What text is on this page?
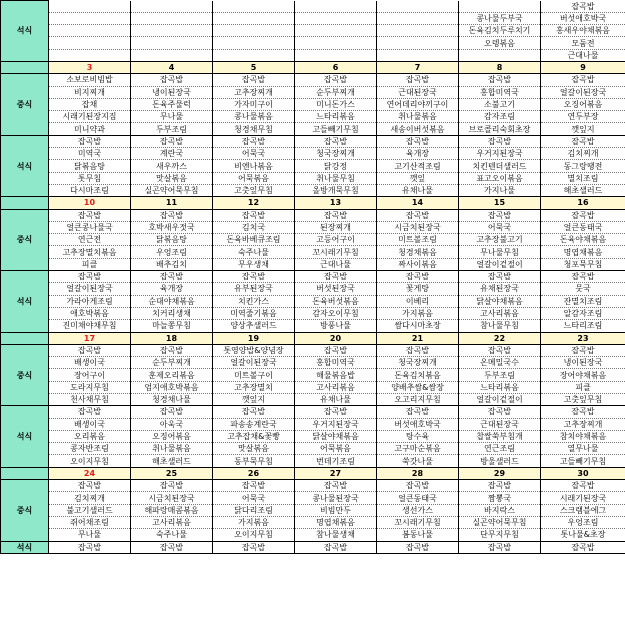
석식							잡곡밥
						콩나물두부국	버섯애호박국
						돈육김치두루치기	홍새우야채볶음
						오뎅볶음	모둠전
							근대나물
	3	4	5	6	7	8	9
중식	소보로비빔밥	잡곡밥	잡곡밥	잡곡밥	잡곡밥	잡곡밥	잡곡밥
	비지찌개	냉이된장국	고추장찌개	순두부찌개	근대된장국	홍합미역국	얼갈이된장국
	잡채	돈육주물럭	가자미구이	미니돈가스	연어데리야끼구이	소불고기	오징어볶음
	시래기된장지짐	무나물	콩나물볶음	느타리볶음	취나물볶음	감자조림	연두부장
	미니약과	두부조림	청경채무침	고들빼기무침	새송이버섯볶음	브로콜리숙회초장	깻잎지
석식	잡곡밥	잡곡밥	잡곡밥	잡곡밥	잡곡밥	잡곡밥	잡곡밥
	미역국	계란국	어묵국	청국장찌개	육개장	우거지된장국	김치찌개
	닭볶음탕	새우까스	비엔나볶음	닭강정	고기산적조림	치킨텐더샐러드	동그랑땡전
	톳무침	맛살볶음	어묵볶음	취나물무침	깻잎	표고오이볶음	멸치조림
	다시마조림	실곤약어묵무침	고춧잎무침	올방개묵무침	유채나물	가지나물	해초샐러드
	10	11	12	13	14	15	16
중식	잡곡밥	잡곡밥	잡곡밥	잡곡밥	잡곡밥	잡곡밥	잡곡밥
	얼큰콩나물국	호박새우젓국	김치국	된장찌개	시금치된장국	어묵국	얼큰동태국
	연근전	닭볶음탕	돈육바베큐조림	고등어구이	미트볼조림	고추장불고기	돈육야채볶음
	고추장멸치볶음	우엉조림	숙주나물	꼬시래기무침	청경채볶음	무나물무침	명엽채볶음
	피클	배추김치	무우생채	근대나물	짜사이볶음	얼갈이겉절이	청포묵무침
석식	잡곡밥	잡곡밥	잡곡밥	잡곡밥	잡곡밥	잡곡밥	잡곡밥
	얼갈이된장국	육개장	유부된장국	버섯된장국	꽃게탕	유채된장국	뭇국
	가라아게조림	순대야채볶음	치킨가스	돈육버섯볶음	이베리	닭살야채볶음	잔멸치조림
	애호박볶음	치커리생채	미역줄기볶음	감자오이무침	가지볶음	고사리볶음	알감자조림
	진미채야채무침	마늘쫑무침	양상추샐러드	방풍나물	쌈다시마초장	참나물무침	느타리조림
	17	18	19	20	21	22	23
중식	잡곡밥	잡곡밥	톳영양밥&양념장	잡곡밥	잡곡밥	잡곡밥	잡곡밥
	배생이국	순두부찌개	얼갈이된장국	홍합미역국	청국장찌개	온메밀국수	냉이된장국
	장어구이	훈제오리볶음	미트볼구이	해물볶음밥	돈육김치볶음	두부조림	장어야채볶음
	도라지무침	엄지애호박볶음	고추장멸치	고사리볶음	양배추쌈&쌈장	느타리볶음	피클
	천사채무침	청경채나물	깻잎지	유채나물	오고리지무침	얼갈이겉절이	고춧잎무침
석식	잡곡밥	잡곡밥	잡곡밥	잡곡밥	잡곡밥	잡곡밥	잡곡밥
	배생이국	아욱국	파송송계란국	우거지된장국	버섯애호박국	근대된장국	고추장찌개
	오리볶음	오징어볶음	고추잡채&꽃빵	닭살야채볶음	탕수육	찹쌀쑥부침개	참치야채볶음
	콩자반조림	취나물볶음	맛살볶음	어묵볶음	고구마순볶음	연근조림	열무나물
	오이지무침	해초샐러드	동부묵무침	번데기조림	쑥갓나물	방울샐러드	고들빼기무침
	24	25	26	27	28	29	30
중식	잡곡밥	잡곡밥	잡곡밥	잡곡밥	잡곡밥	잡곡밥	잡곡밥
	김치찌개	시금치된장국	어묵국	콩나물된장국	얼큰동태국	짬뽕국	시래기된장국
	불고기샐러드	해파랑매콤볶음	닭다리조림	비빔만두	생선가스	바지락스	스크램블에그
	쥐어채조림	고사리볶음	가지볶음	명엽채볶음	꼬시래기무침	실곤약어묵무침	우엉조림
	무나물	숙주나물	오이지무침	참나물생채	봄동나물	단무지무침	톳나물&초장
석식	잡곡밥	잡곡밥	잡곡밥	잡곡밥	잡곡밥	잡곡밥	잡곡밥
